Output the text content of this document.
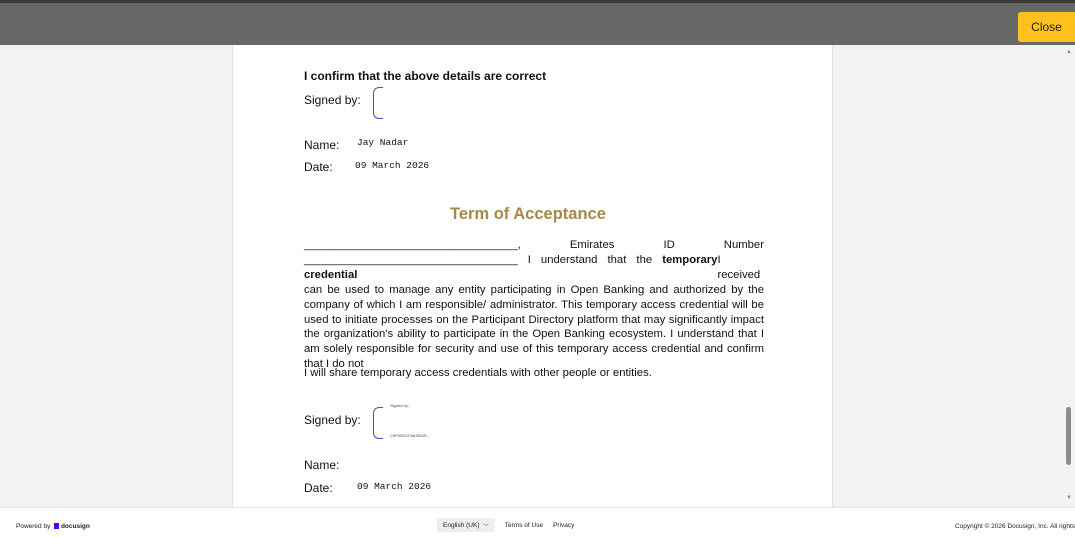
Close
I confirm that the above details are correct
Signed by:
Name: Jay Nadar
Date: 09 March 2026
Term of Acceptance
__________________________________,	Emirates	ID	Number
__________________________________ I understand that the temporary credential
I received
can be used to manage any entity participating in Open Banking and authorized by the company of which I am responsible/ administrator. This temporary access credential will be used to initiate processes on the Participant Directory platform that may significantly impact the organization's ability to participate in the Open Banking ecosystem. I understand that I am solely responsible for security and use of this temporary access credential and confirm that I do not
I will share temporary access credentials with other people or entities.
Signed by:
Signed by:
C5F5SDCFA63941E...
Name:
Date:	09 March 2026
▲
▼
Powered by docusign	English (UK) ⌵ Terms of Use Privacy	Copyright © 2026 Docusign, Inc. All rights
